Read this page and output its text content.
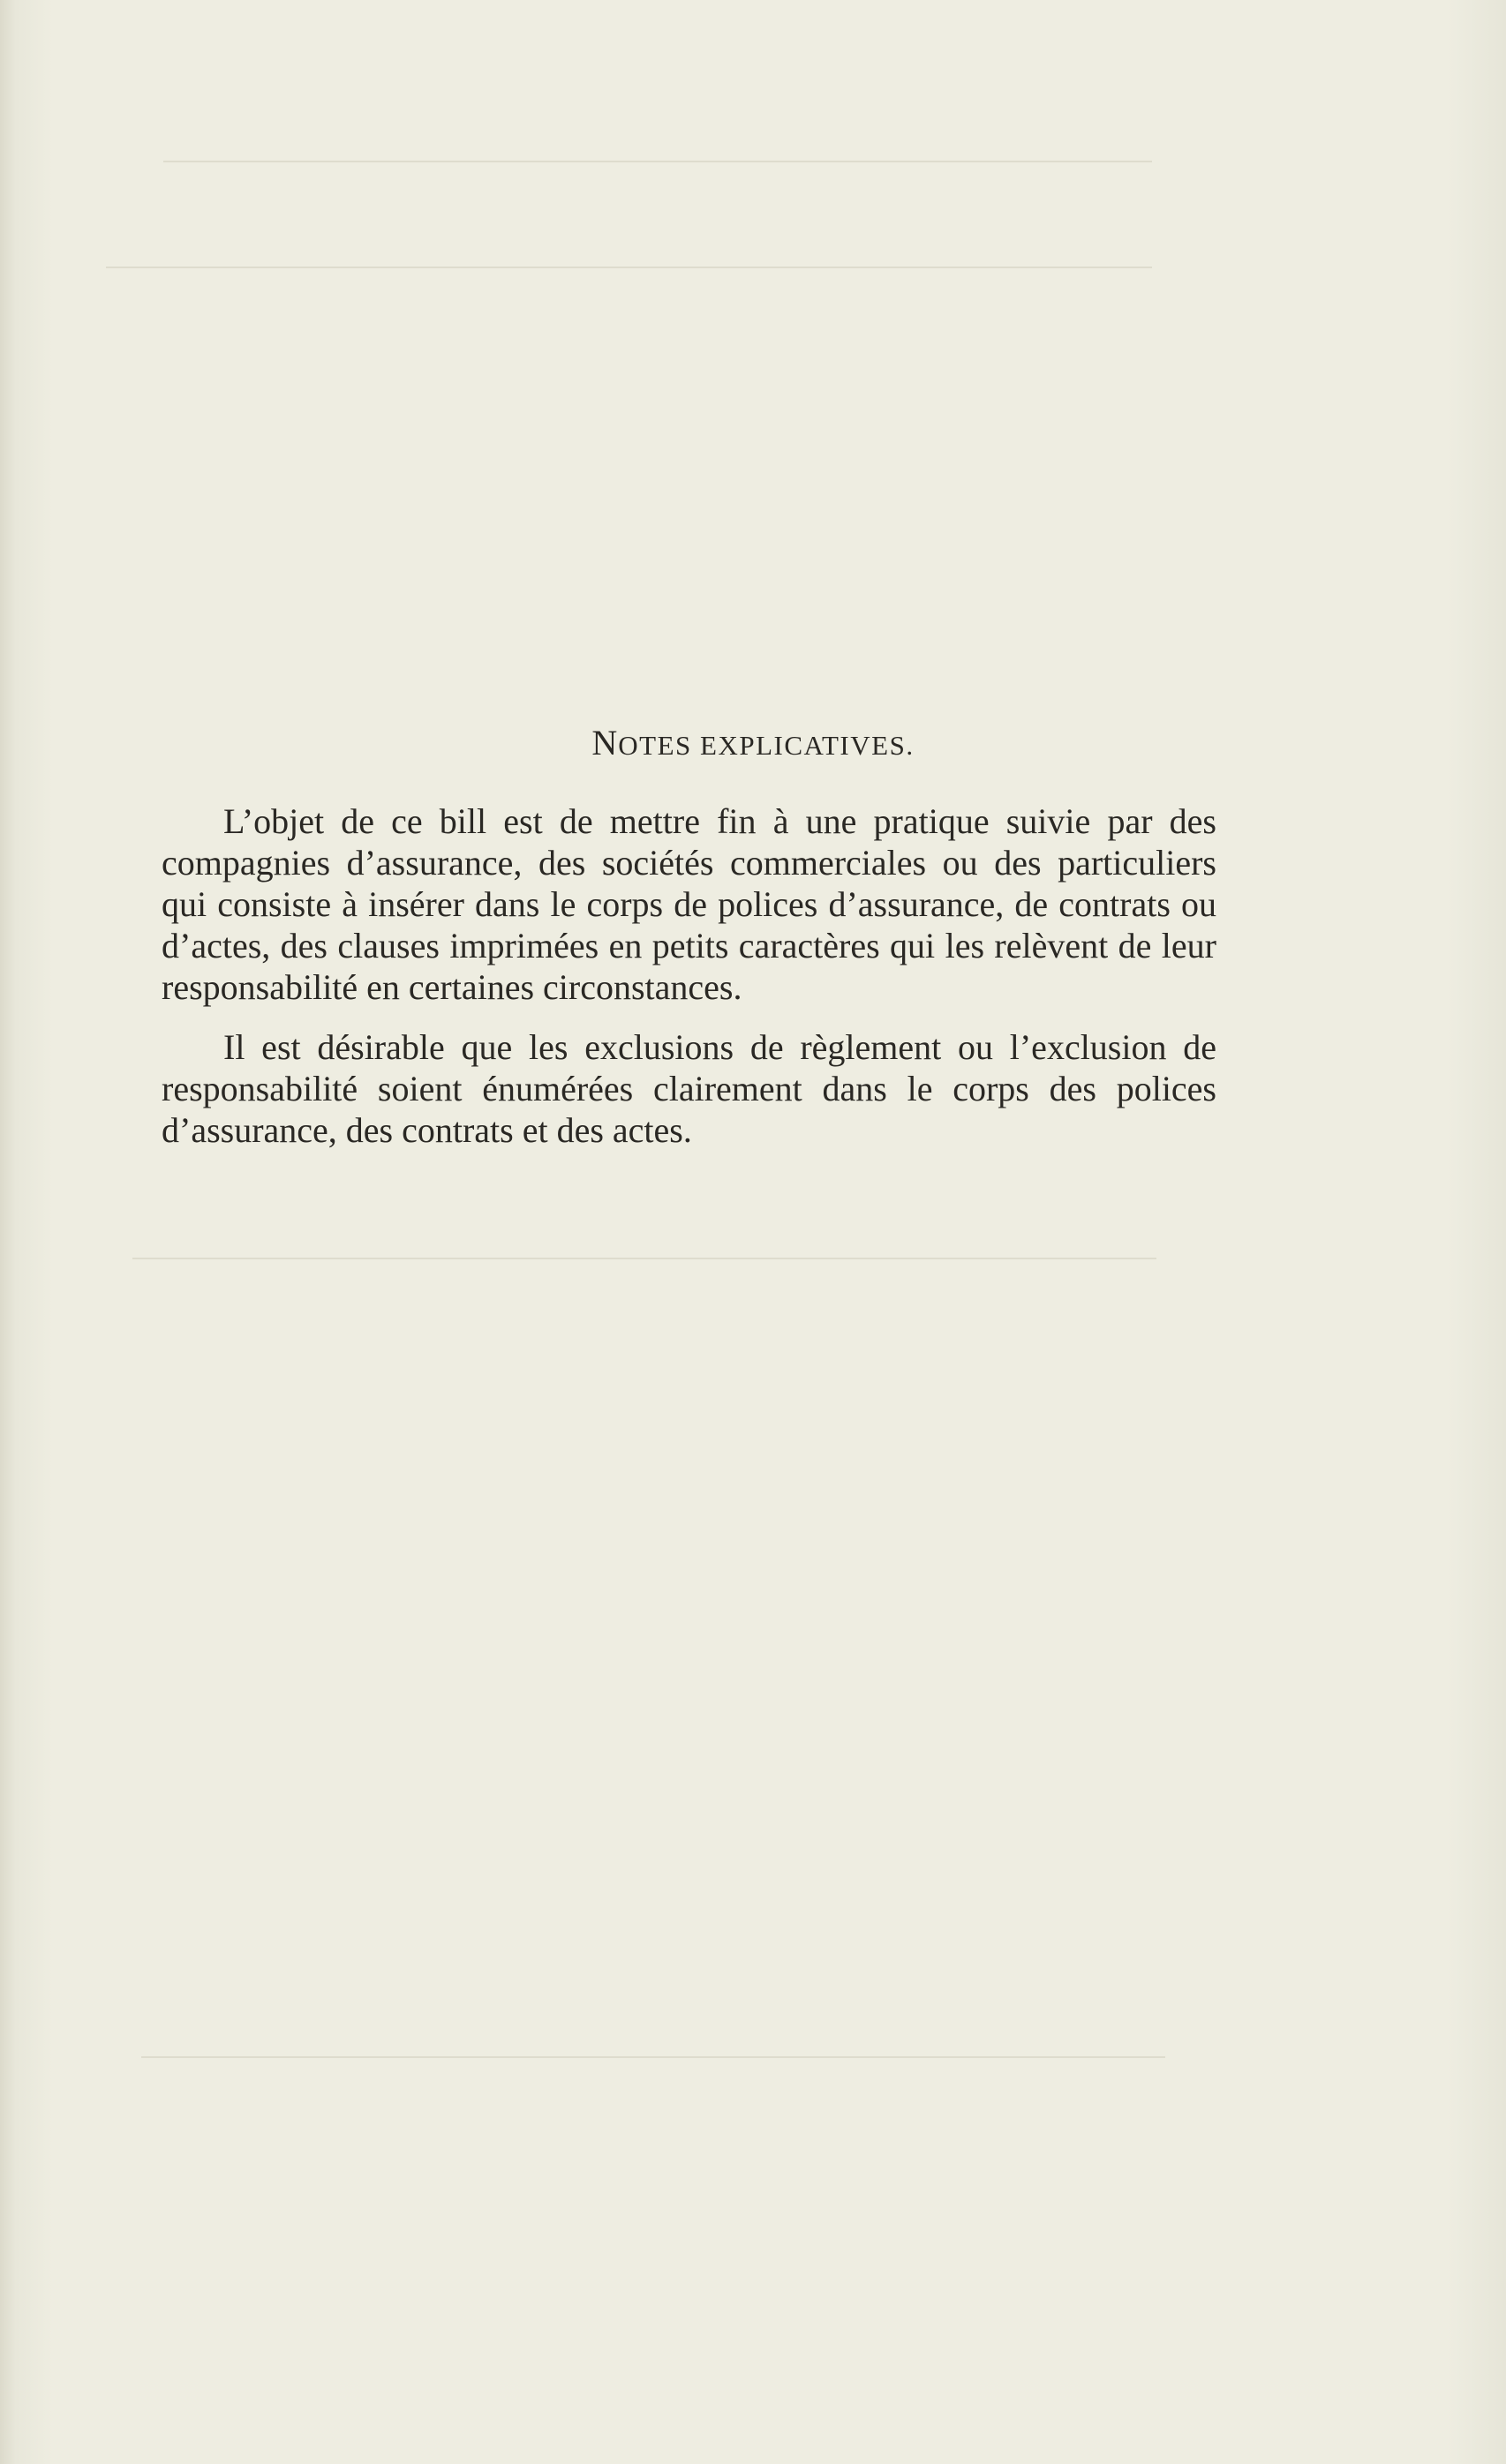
NOTES EXPLICATIVES.

L’objet de ce bill est de mettre fin à une pratique suivie par des compagnies d’assurance, des sociétés commerciales ou des particuliers qui consiste à insérer dans le corps de polices d’assurance, de contrats ou d’actes, des clauses imprimées en petits caractères qui les relèvent de leur responsabilité en certaines circonstances.

Il est désirable que les exclusions de règlement ou l’exclusion de responsabilité soient énumérées clairement dans le corps des polices d’assurance, des contrats et des actes.
